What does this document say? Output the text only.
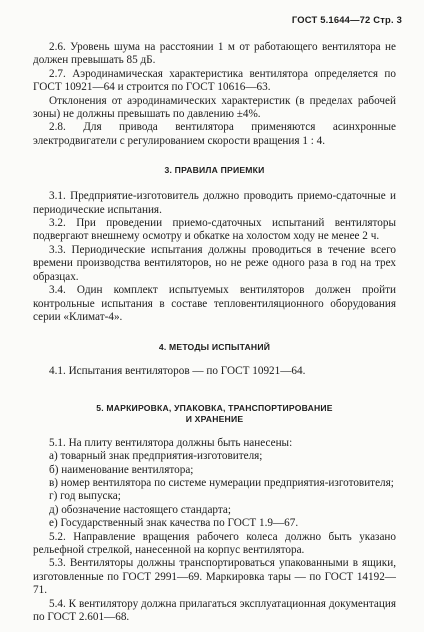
ГОСТ 5.1644—72 Стр. 3

2.6. Уровень шума на расстоянии 1 м от работающего вентилятора не должен превышать 85 дБ.

2.7. Аэродинамическая характеристика вентилятора определяется по ГОСТ 10921—64 и строится по ГОСТ 10616—63.

Отклонения от аэродинамических характеристик (в пределах рабочей зоны) не должны превышать по давлению ±4%.

2.8. Для привода вентилятора применяются асинхронные электродвигатели с регулированием скорости вращения 1 : 4.

3. ПРАВИЛА ПРИЕМКИ

3.1. Предприятие-изготовитель должно проводить приемо-сдаточные и периодические испытания.

3.2. При проведении приемо-сдаточных испытаний вентиляторы подвергают внешнему осмотру и обкатке на холостом ходу не менее 2 ч.

3.3. Периодические испытания должны проводиться в течение всего времени производства вентиляторов, но не реже одного раза в год на трех образцах.

3.4. Один комплект испытуемых вентиляторов должен пройти контрольные испытания в составе тепловентиляционного оборудования серии «Климат-4».

4. МЕТОДЫ ИСПЫТАНИЙ

4.1. Испытания вентиляторов — по ГОСТ 10921—64.

5. МАРКИРОВКА, УПАКОВКА, ТРАНСПОРТИРОВАНИЕ
И ХРАНЕНИЕ

5.1. На плиту вентилятора должны быть нанесены:

а) товарный знак предприятия-изготовителя;

б) наименование вентилятора;

в) номер вентилятора по системе нумерации предприятия-изготовителя;

г) год выпуска;

д) обозначение настоящего стандарта;

е) Государственный знак качества по ГОСТ 1.9—67.

5.2. Направление вращения рабочего колеса должно быть указано рельефной стрелкой, нанесенной на корпус вентилятора.

5.3. Вентиляторы должны транспортироваться упакованными в ящики, изготовленные по ГОСТ 2991—69. Маркировка тары — по ГОСТ 14192—71.

5.4. К вентилятору должна прилагаться эксплуатационная документация по ГОСТ 2.601—68.
